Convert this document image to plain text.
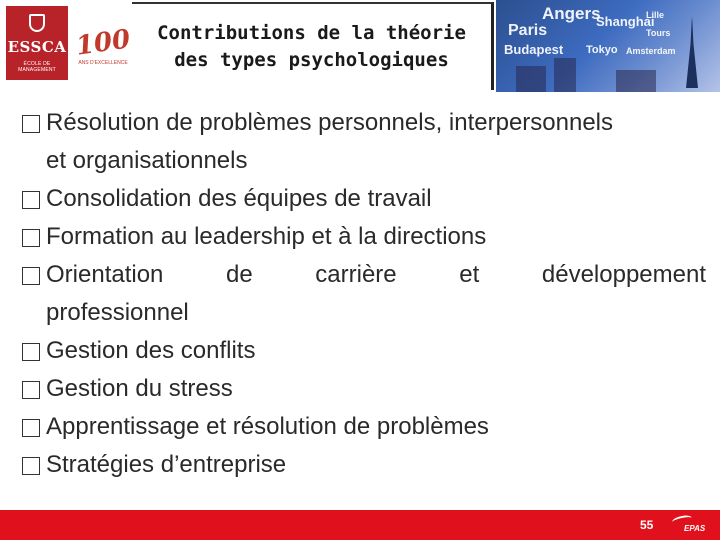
ESSCA
ÉCOLE DE MANAGEMENT
100
ANS D'EXCELLENCE
Contributions de la théorie
des types psychologiques
Angers
Shanghai
Paris
Budapest Tokyo Amsterdam
Lille
Tours
Résolution de problèmes personnels, interpersonnels
et organisationnels
Consolidation des équipes de travail
Formation au leadership et à la directions
Orientation de carrière et développement
professionnel
Gestion des conflits
Gestion du stress
Apprentissage et résolution de problèmes
Stratégies d’entreprise
55	EPAS
